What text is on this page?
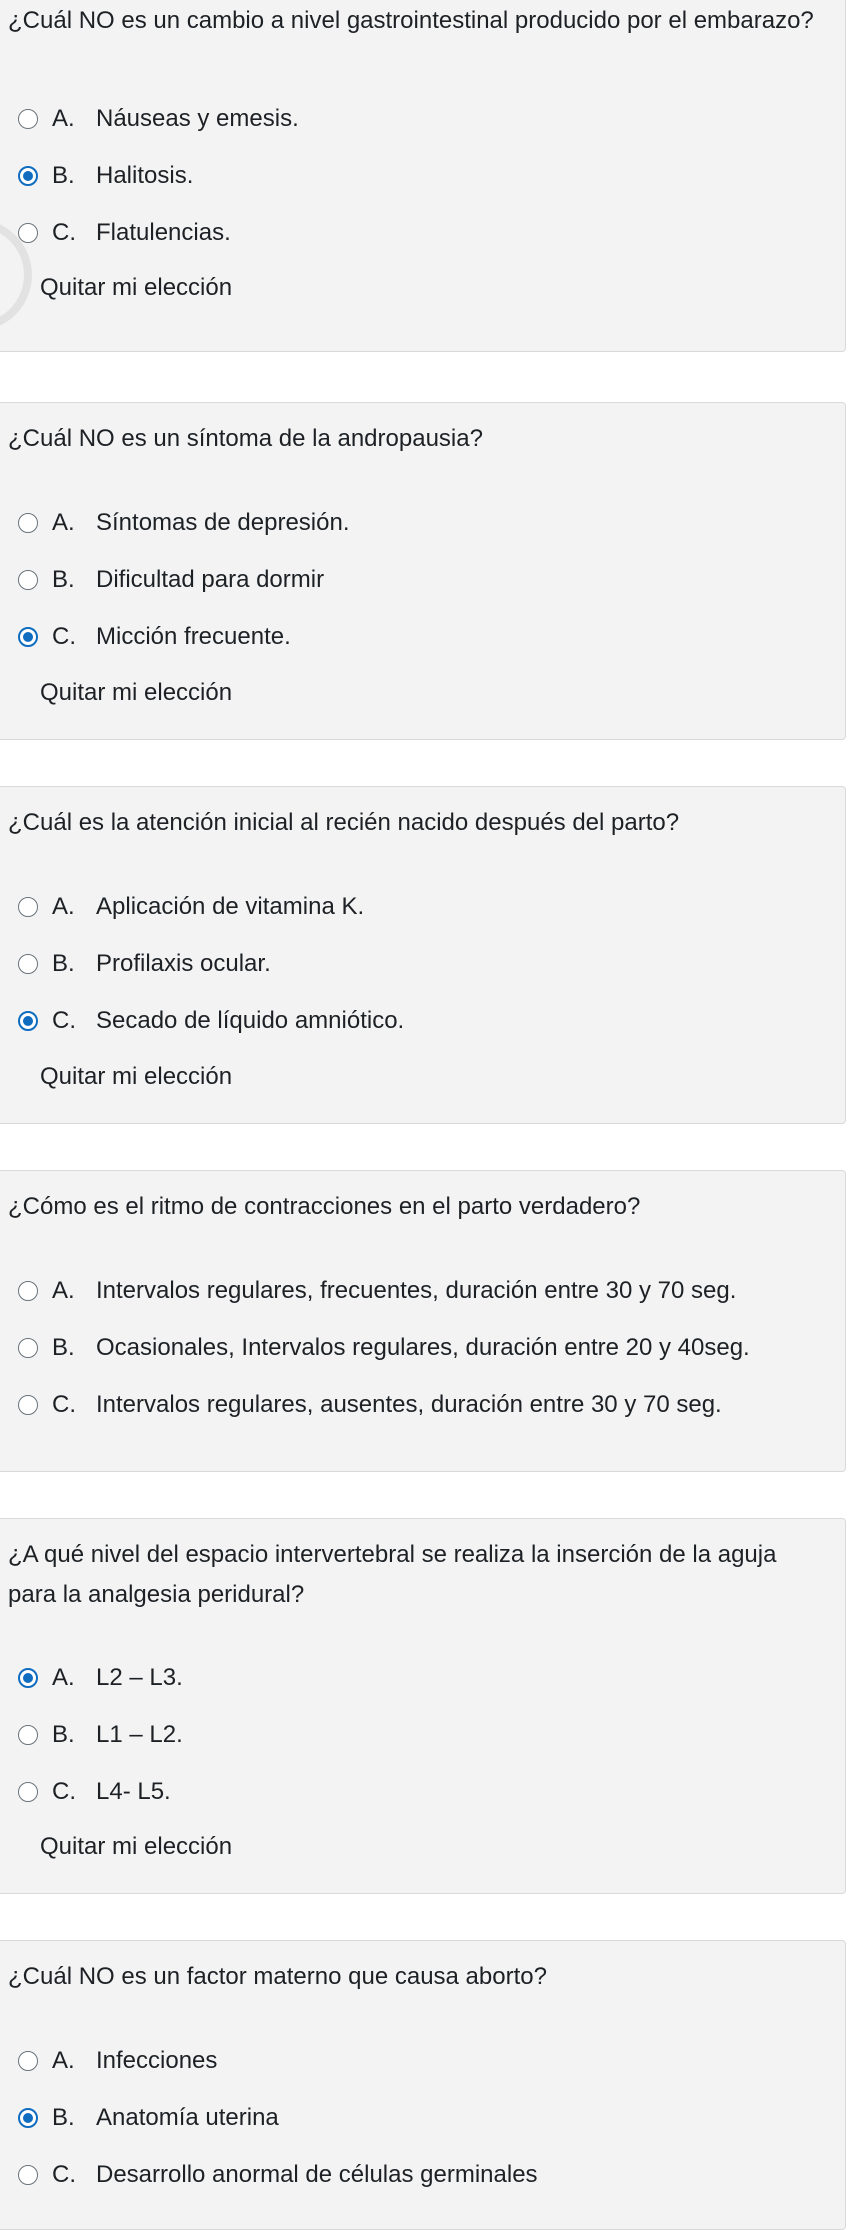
¿Cuál NO es un cambio a nivel gastrointestinal producido por el embarazo?
A. Náuseas y emesis.
B. Halitosis.
C. Flatulencias.
Quitar mi elección
¿Cuál NO es un síntoma de la andropausia?
A. Síntomas de depresión.
B. Dificultad para dormir
C. Micción frecuente.
Quitar mi elección
¿Cuál es la atención inicial al recién nacido después del parto?
A. Aplicación de vitamina K.
B. Profilaxis ocular.
C. Secado de líquido amniótico.
Quitar mi elección
¿Cómo es el ritmo de contracciones en el parto verdadero?
A. Intervalos regulares, frecuentes, duración entre 30 y 70 seg.
B. Ocasionales, Intervalos regulares, duración entre 20 y 40seg.
C. Intervalos regulares, ausentes, duración entre 30 y 70 seg.
¿A qué nivel del espacio intervertebral se realiza la inserción de la aguja para la analgesia peridural?
A. L2 – L3.
B. L1 – L2.
C. L4- L5.
Quitar mi elección
¿Cuál NO es un factor materno que causa aborto?
A. Infecciones
B. Anatomía uterina
C. Desarrollo anormal de células germinales
